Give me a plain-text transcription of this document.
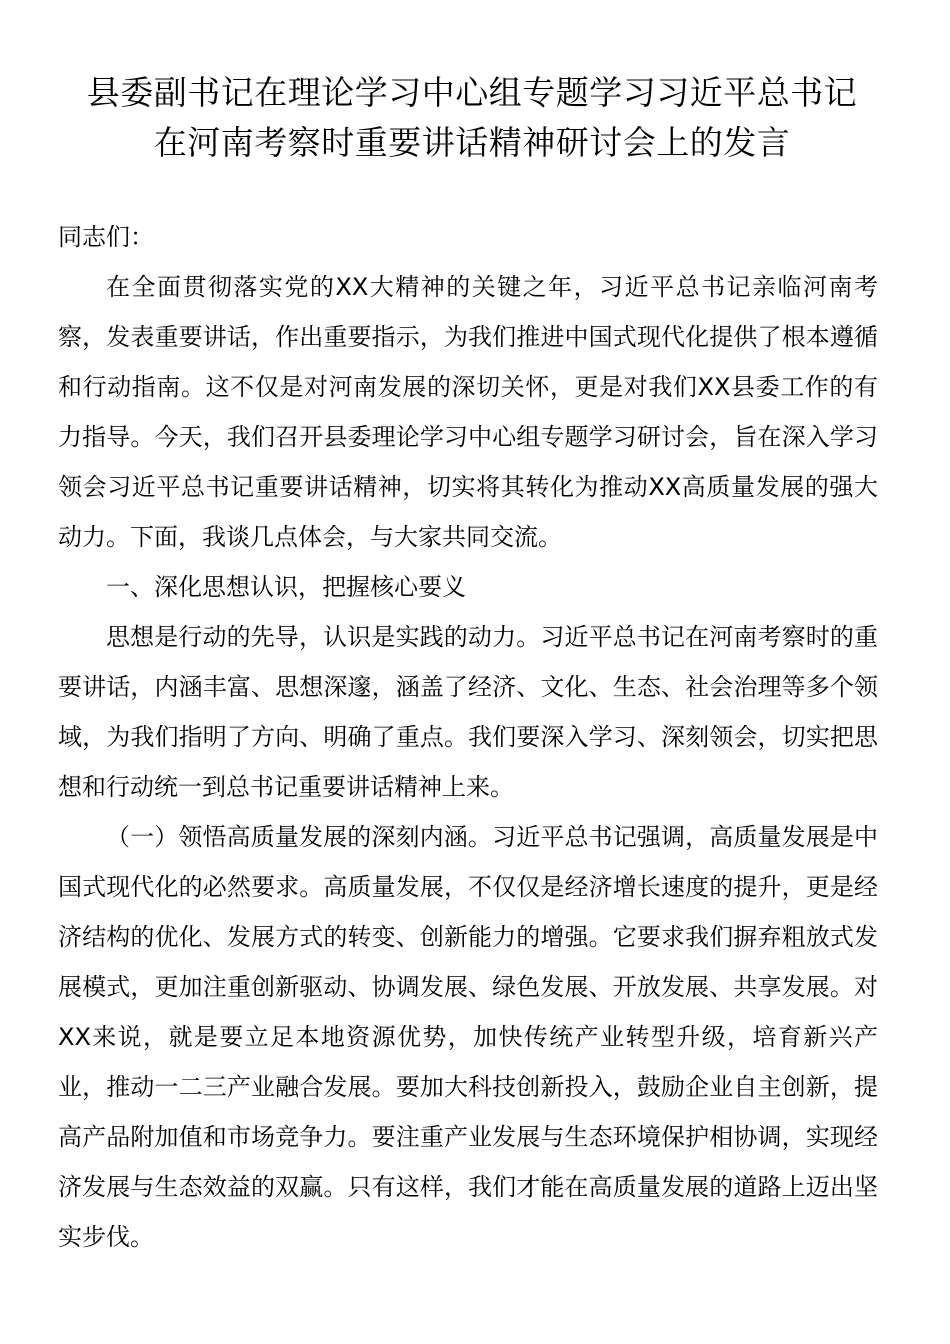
县委副书记在理论学习中心组专题学习习近平总书记
在河南考察时重要讲话精神研讨会上的发言

同志们：

在全面贯彻落实党的XX大精神的关键之年，习近平总书记亲临河南考察，发表重要讲话，作出重要指示，为我们推进中国式现代化提供了根本遵循和行动指南。这不仅是对河南发展的深切关怀，更是对我们XX县委工作的有力指导。今天，我们召开县委理论学习中心组专题学习研讨会，旨在深入学习领会习近平总书记重要讲话精神，切实将其转化为推动XX高质量发展的强大动力。下面，我谈几点体会，与大家共同交流。

一、深化思想认识，把握核心要义

思想是行动的先导，认识是实践的动力。习近平总书记在河南考察时的重要讲话，内涵丰富、思想深邃，涵盖了经济、文化、生态、社会治理等多个领域，为我们指明了方向、明确了重点。我们要深入学习、深刻领会，切实把思想和行动统一到总书记重要讲话精神上来。

（一）领悟高质量发展的深刻内涵。习近平总书记强调，高质量发展是中国式现代化的必然要求。高质量发展，不仅仅是经济增长速度的提升，更是经济结构的优化、发展方式的转变、创新能力的增强。它要求我们摒弃粗放式发展模式，更加注重创新驱动、协调发展、绿色发展、开放发展、共享发展。对XX来说，就是要立足本地资源优势，加快传统产业转型升级，培育新兴产业，推动一二三产业融合发展。要加大科技创新投入，鼓励企业自主创新，提高产品附加值和市场竞争力。要注重产业发展与生态环境保护相协调，实现经济发展与生态效益的双赢。只有这样，我们才能在高质量发展的道路上迈出坚实步伐。
